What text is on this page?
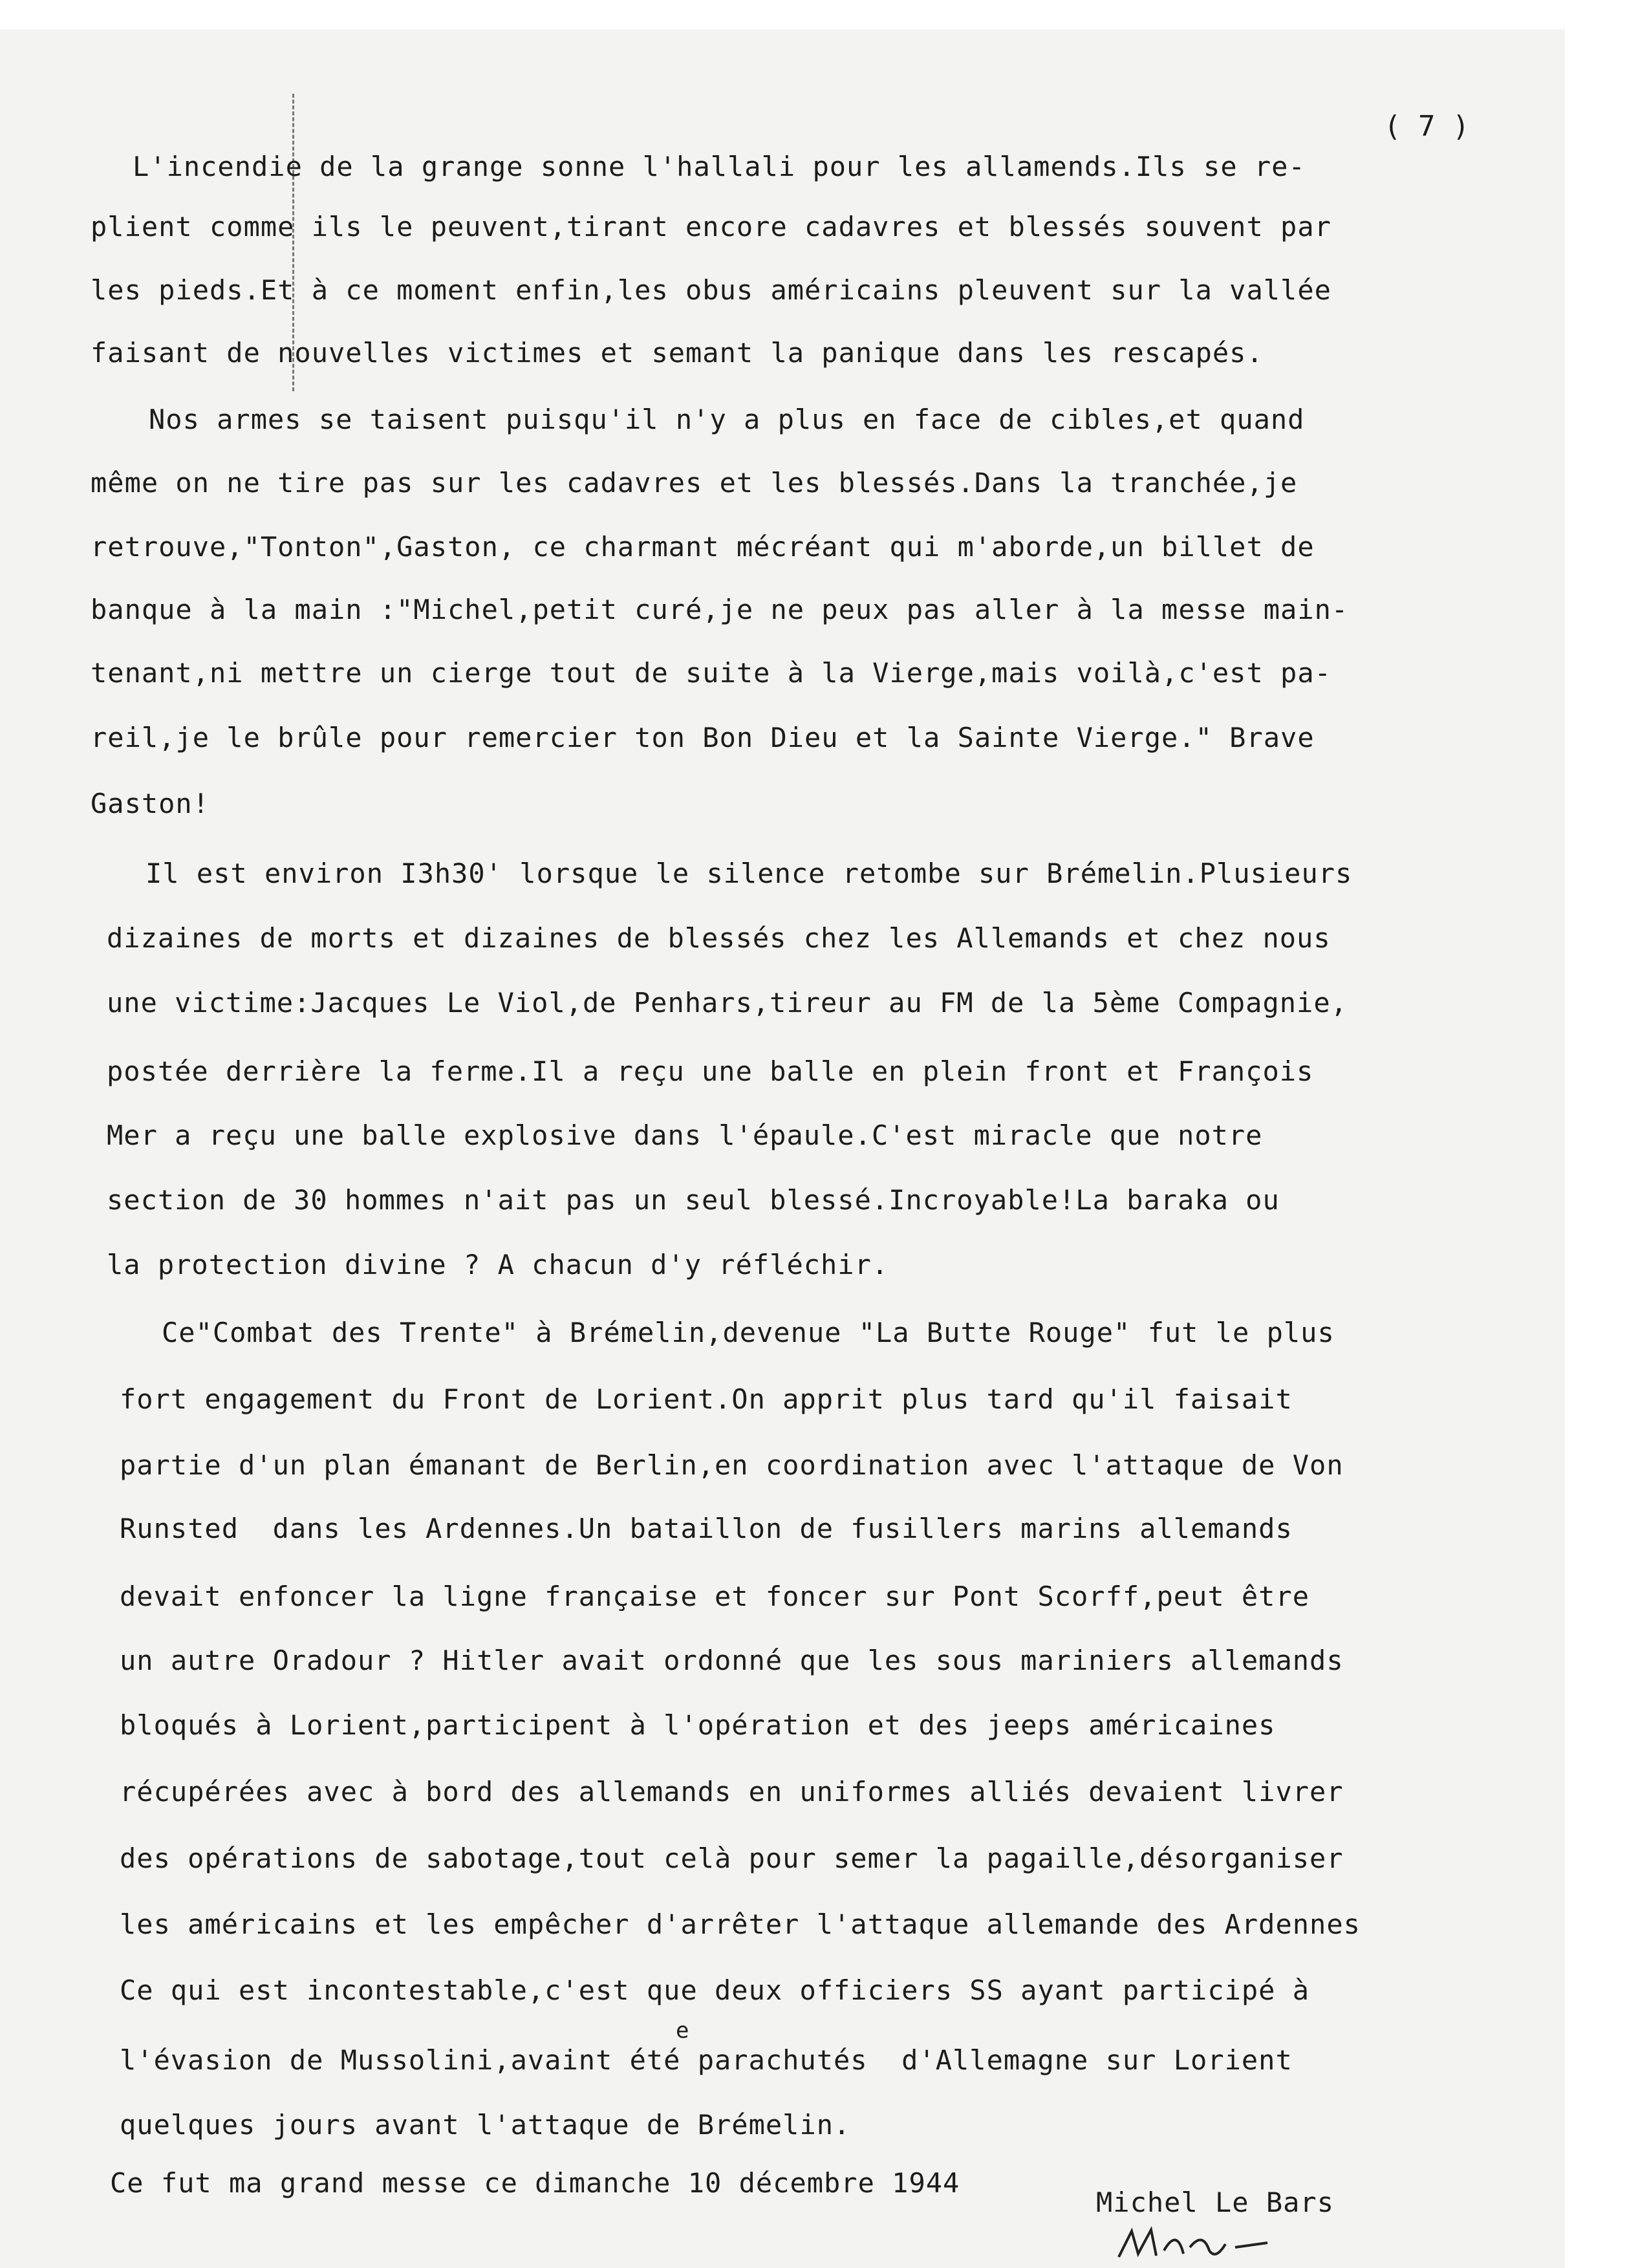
( 7 )
L'incendie de la grange sonne l'hallali pour les allamends.Ils se re-
plient comme ils le peuvent,tirant encore cadavres et blessés souvent par
les pieds.Et à ce moment enfin,les obus américains pleuvent sur la vallée
faisant de nouvelles victimes et semant la panique dans les rescapés.
Nos armes se taisent puisqu'il n'y a plus en face de cibles,et quand
même on ne tire pas sur les cadavres et les blessés.Dans la tranchée,je
retrouve,"Tonton",Gaston, ce charmant mécréant qui m'aborde,un billet de
banque à la main :"Michel,petit curé,je ne peux pas aller à la messe main-
tenant,ni mettre un cierge tout de suite à la Vierge,mais voilà,c'est pa-
reil,je le brûle pour remercier ton Bon Dieu et la Sainte Vierge." Brave
Gaston!
Il est environ I3h30' lorsque le silence retombe sur Brémelin.Plusieurs
dizaines de morts et dizaines de blessés chez les Allemands et chez nous
une victime:Jacques Le Viol,de Penhars,tireur au FM de la 5ème Compagnie,
postée derrière la ferme.Il a reçu une balle en plein front et François
Mer a reçu une balle explosive dans l'épaule.C'est miracle que notre
section de 30 hommes n'ait pas un seul blessé.Incroyable!La baraka ou
la protection divine ? A chacun d'y réfléchir.
Ce"Combat des Trente" à Brémelin,devenue "La Butte Rouge" fut le plus
fort engagement du Front de Lorient.On apprit plus tard qu'il faisait
partie d'un plan émanant de Berlin,en coordination avec l'attaque de Von
Runsted  dans les Ardennes.Un bataillon de fusillers marins allemands
devait enfoncer la ligne française et foncer sur Pont Scorff,peut être
un autre Oradour ? Hitler avait ordonné que les sous mariniers allemands
bloqués à Lorient,participent à l'opération et des jeeps américaines
récupérées avec à bord des allemands en uniformes alliés devaient livrer
des opérations de sabotage,tout celà pour semer la pagaille,désorganiser
les américains et les empêcher d'arrêter l'attaque allemande des Ardennes
Ce qui est incontestable,c'est que deux officiers SS ayant participé à
e
l'évasion de Mussolini,avaint été parachutés  d'Allemagne sur Lorient
quelques jours avant l'attaque de Brémelin.
Ce fut ma grand messe ce dimanche 10 décembre 1944
Michel Le Bars
